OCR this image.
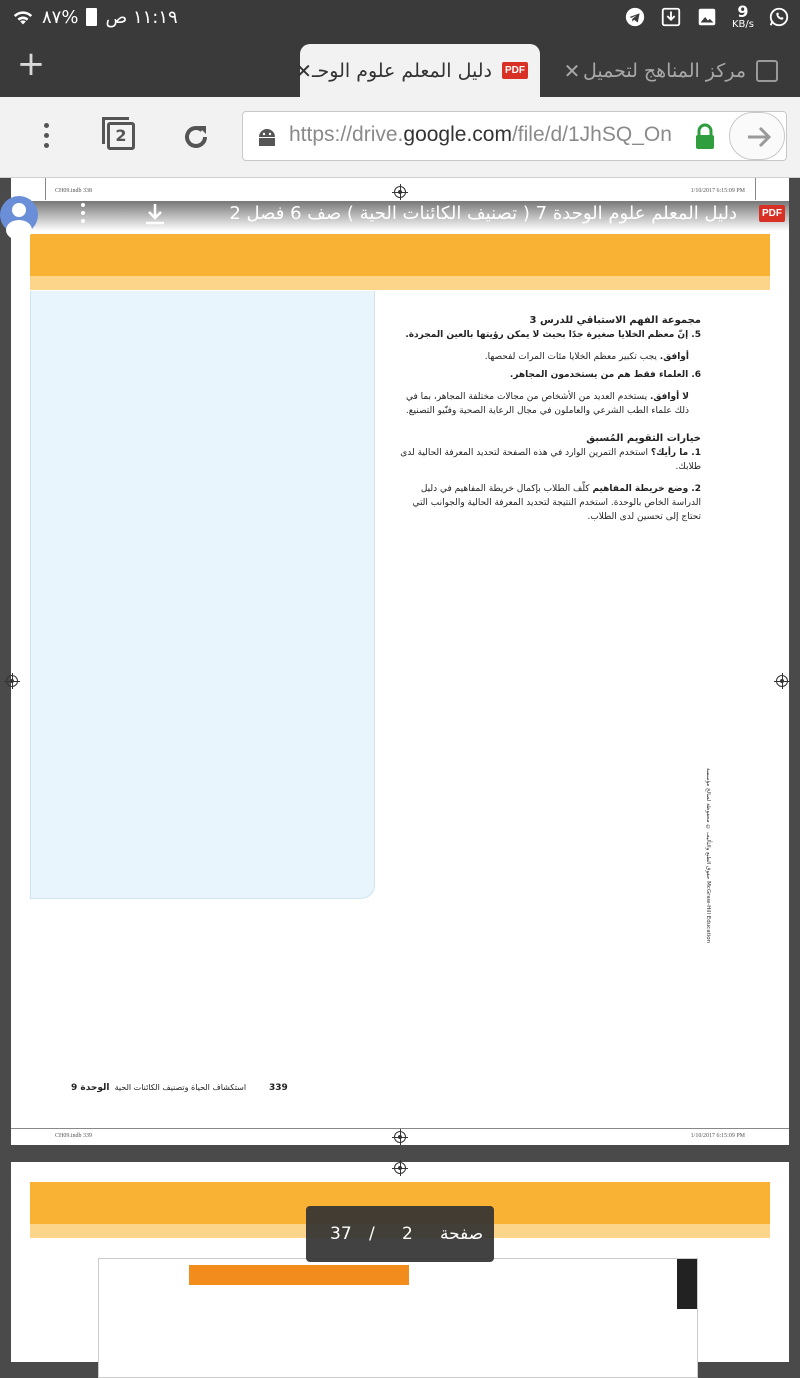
١١:١٩ ص
%٨٧	9
KB/s
+	PDF
دليل المعلم علوم الوحـ
✕	مركز المناهج لتحميل
✕
2	https://drive.google.com/file/d/1JhSQ_On
CH09.indb 338	1/10/2017 6:15:09 PM
مجموعة الفهم الاستباقي للدرس 3
5. إنّ معظم الخلايا صغيرة جدًا بحيث لا يمكن رؤيتها بالعين المجردة.
أوافق. يجب تكبير معظم الخلايا مئات المرات لفحصها.
6. العلماء فقط هم من يستخدمون المجاهر.
لا أوافق. يستخدم العديد من الأشخاص من مجالات مختلفة المجاهر، بما في ذلك علماء الطب الشرعي والعاملون في مجال الرعاية الصحية وفنّيو التصنيع.
خيارات التقويم المُسبق
1. ما رأيك؟ استخدم التمرين الوارد في هذه الصفحة لتحديد المعرفة الحالية لدى طلابك.
2. وضع خريطة المفاهيم كلّف الطلاب بإكمال خريطة المفاهيم في دليل الدراسة الخاص بالوحدة. استخدم النتيجة لتحديد المعرفة الحالية والجوانب التي تحتاج إلى تحسين لدى الطلاب.
حقوق الطبع والتأليف © محفوظة لصالح مؤسسة McGraw-Hill Education
339         استكشاف الحياة وتصنيف الكائنات الحية  الوحدة 9
CH09.indb 339	1/10/2017 6:15:09 PM
PDF
دليل المعلم علوم الوحدة 7 ( تصنيف الكائنات الحية ) صف 6 فصل 2
37 / 2 صفحة
